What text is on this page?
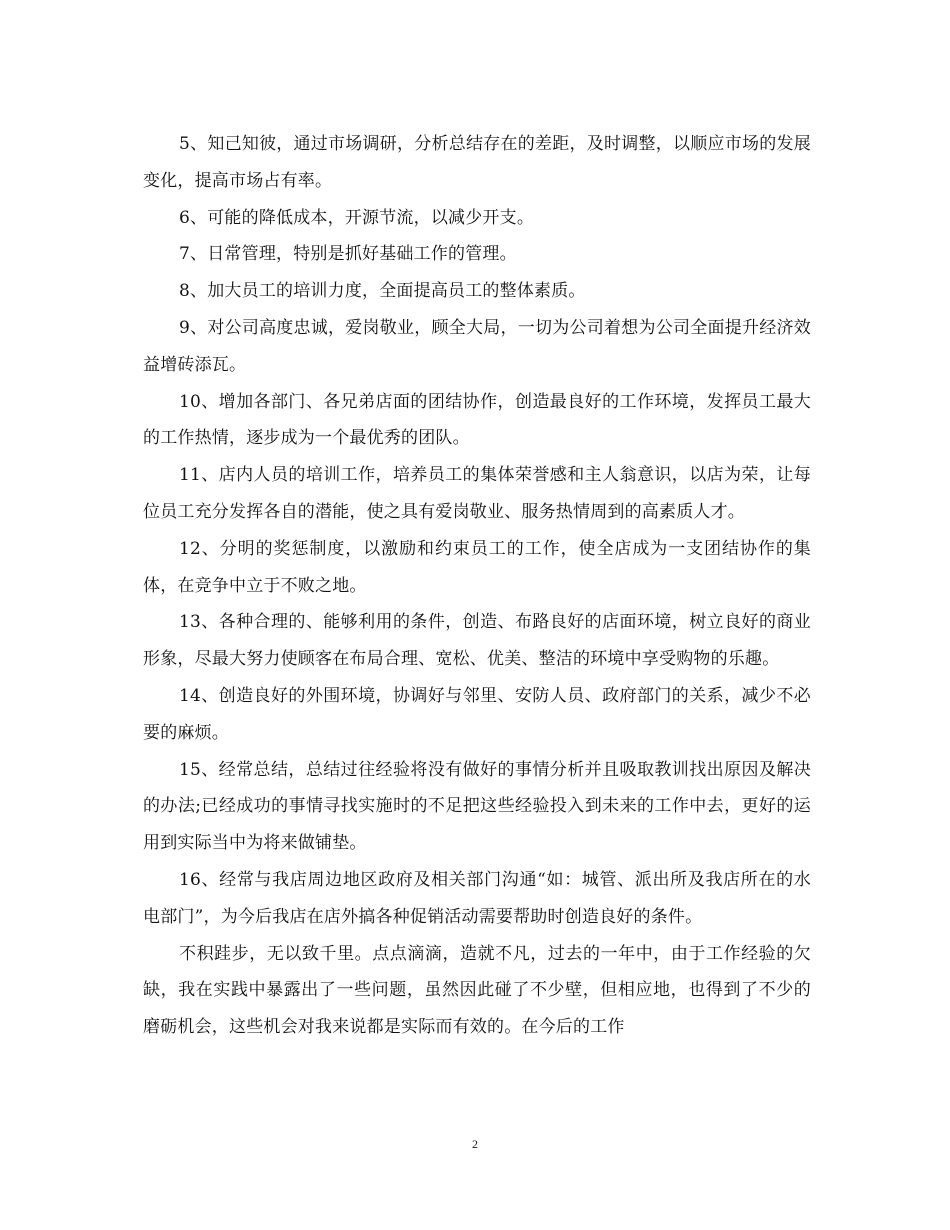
5、知己知彼，通过市场调研，分析总结存在的差距，及时调整，以顺应市场的发展变化，提高市场占有率。

6、可能的降低成本，开源节流，以减少开支。

7、日常管理，特别是抓好基础工作的管理。

8、加大员工的培训力度，全面提高员工的整体素质。

9、对公司高度忠诚，爱岗敬业，顾全大局，一切为公司着想为公司全面提升经济效益增砖添瓦。

10、增加各部门、各兄弟店面的团结协作，创造最良好的工作环境，发挥员工最大的工作热情，逐步成为一个最优秀的团队。

11、店内人员的培训工作，培养员工的集体荣誉感和主人翁意识，以店为荣，让每位员工充分发挥各自的潜能，使之具有爱岗敬业、服务热情周到的高素质人才。

12、分明的奖惩制度，以激励和约束员工的工作，使全店成为一支团结协作的集体，在竞争中立于不败之地。

13、各种合理的、能够利用的条件，创造、布路良好的店面环境，树立良好的商业形象，尽最大努力使顾客在布局合理、宽松、优美、整洁的环境中享受购物的乐趣。

14、创造良好的外围环境，协调好与邻里、安防人员、政府部门的关系，减少不必要的麻烦。

15、经常总结，总结过往经验将没有做好的事情分析并且吸取教训找出原因及解决的办法;已经成功的事情寻找实施时的不足把这些经验投入到未来的工作中去，更好的运用到实际当中为将来做铺垫。

16、经常与我店周边地区政府及相关部门沟通“如：城管、派出所及我店所在的水电部门”，为今后我店在店外搞各种促销活动需要帮助时创造良好的条件。

不积跬步，无以致千里。点点滴滴，造就不凡，过去的一年中，由于工作经验的欠缺，我在实践中暴露出了一些问题，虽然因此碰了不少壁，但相应地，也得到了不少的磨砺机会，这些机会对我来说都是实际而有效的。在今后的工作

2
